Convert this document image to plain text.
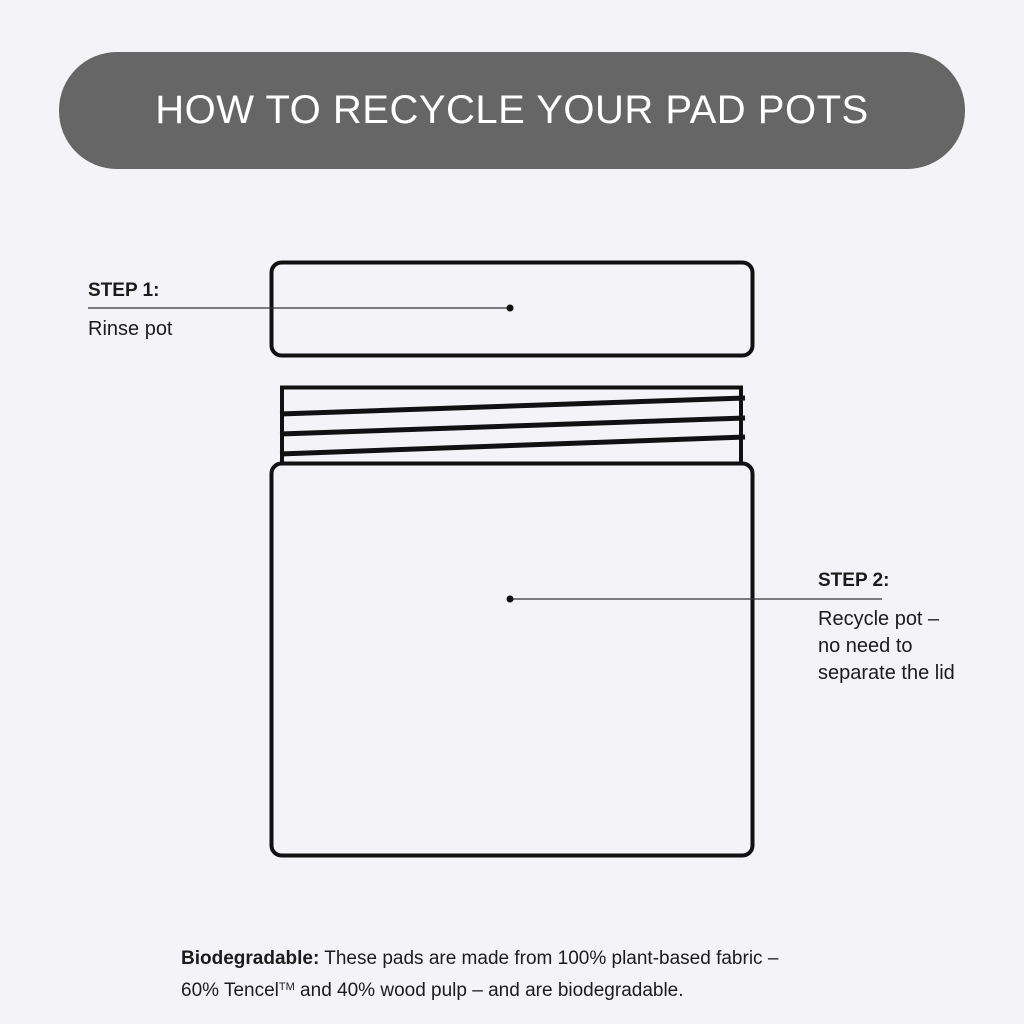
HOW TO RECYCLE YOUR PAD POTS
STEP 1:
Rinse pot
STEP 2:
Recycle pot –
no need to
separate the lid
Biodegradable: These pads are made from 100% plant-based fabric –
60% Tencel™ and 40% wood pulp – and are biodegradable.
